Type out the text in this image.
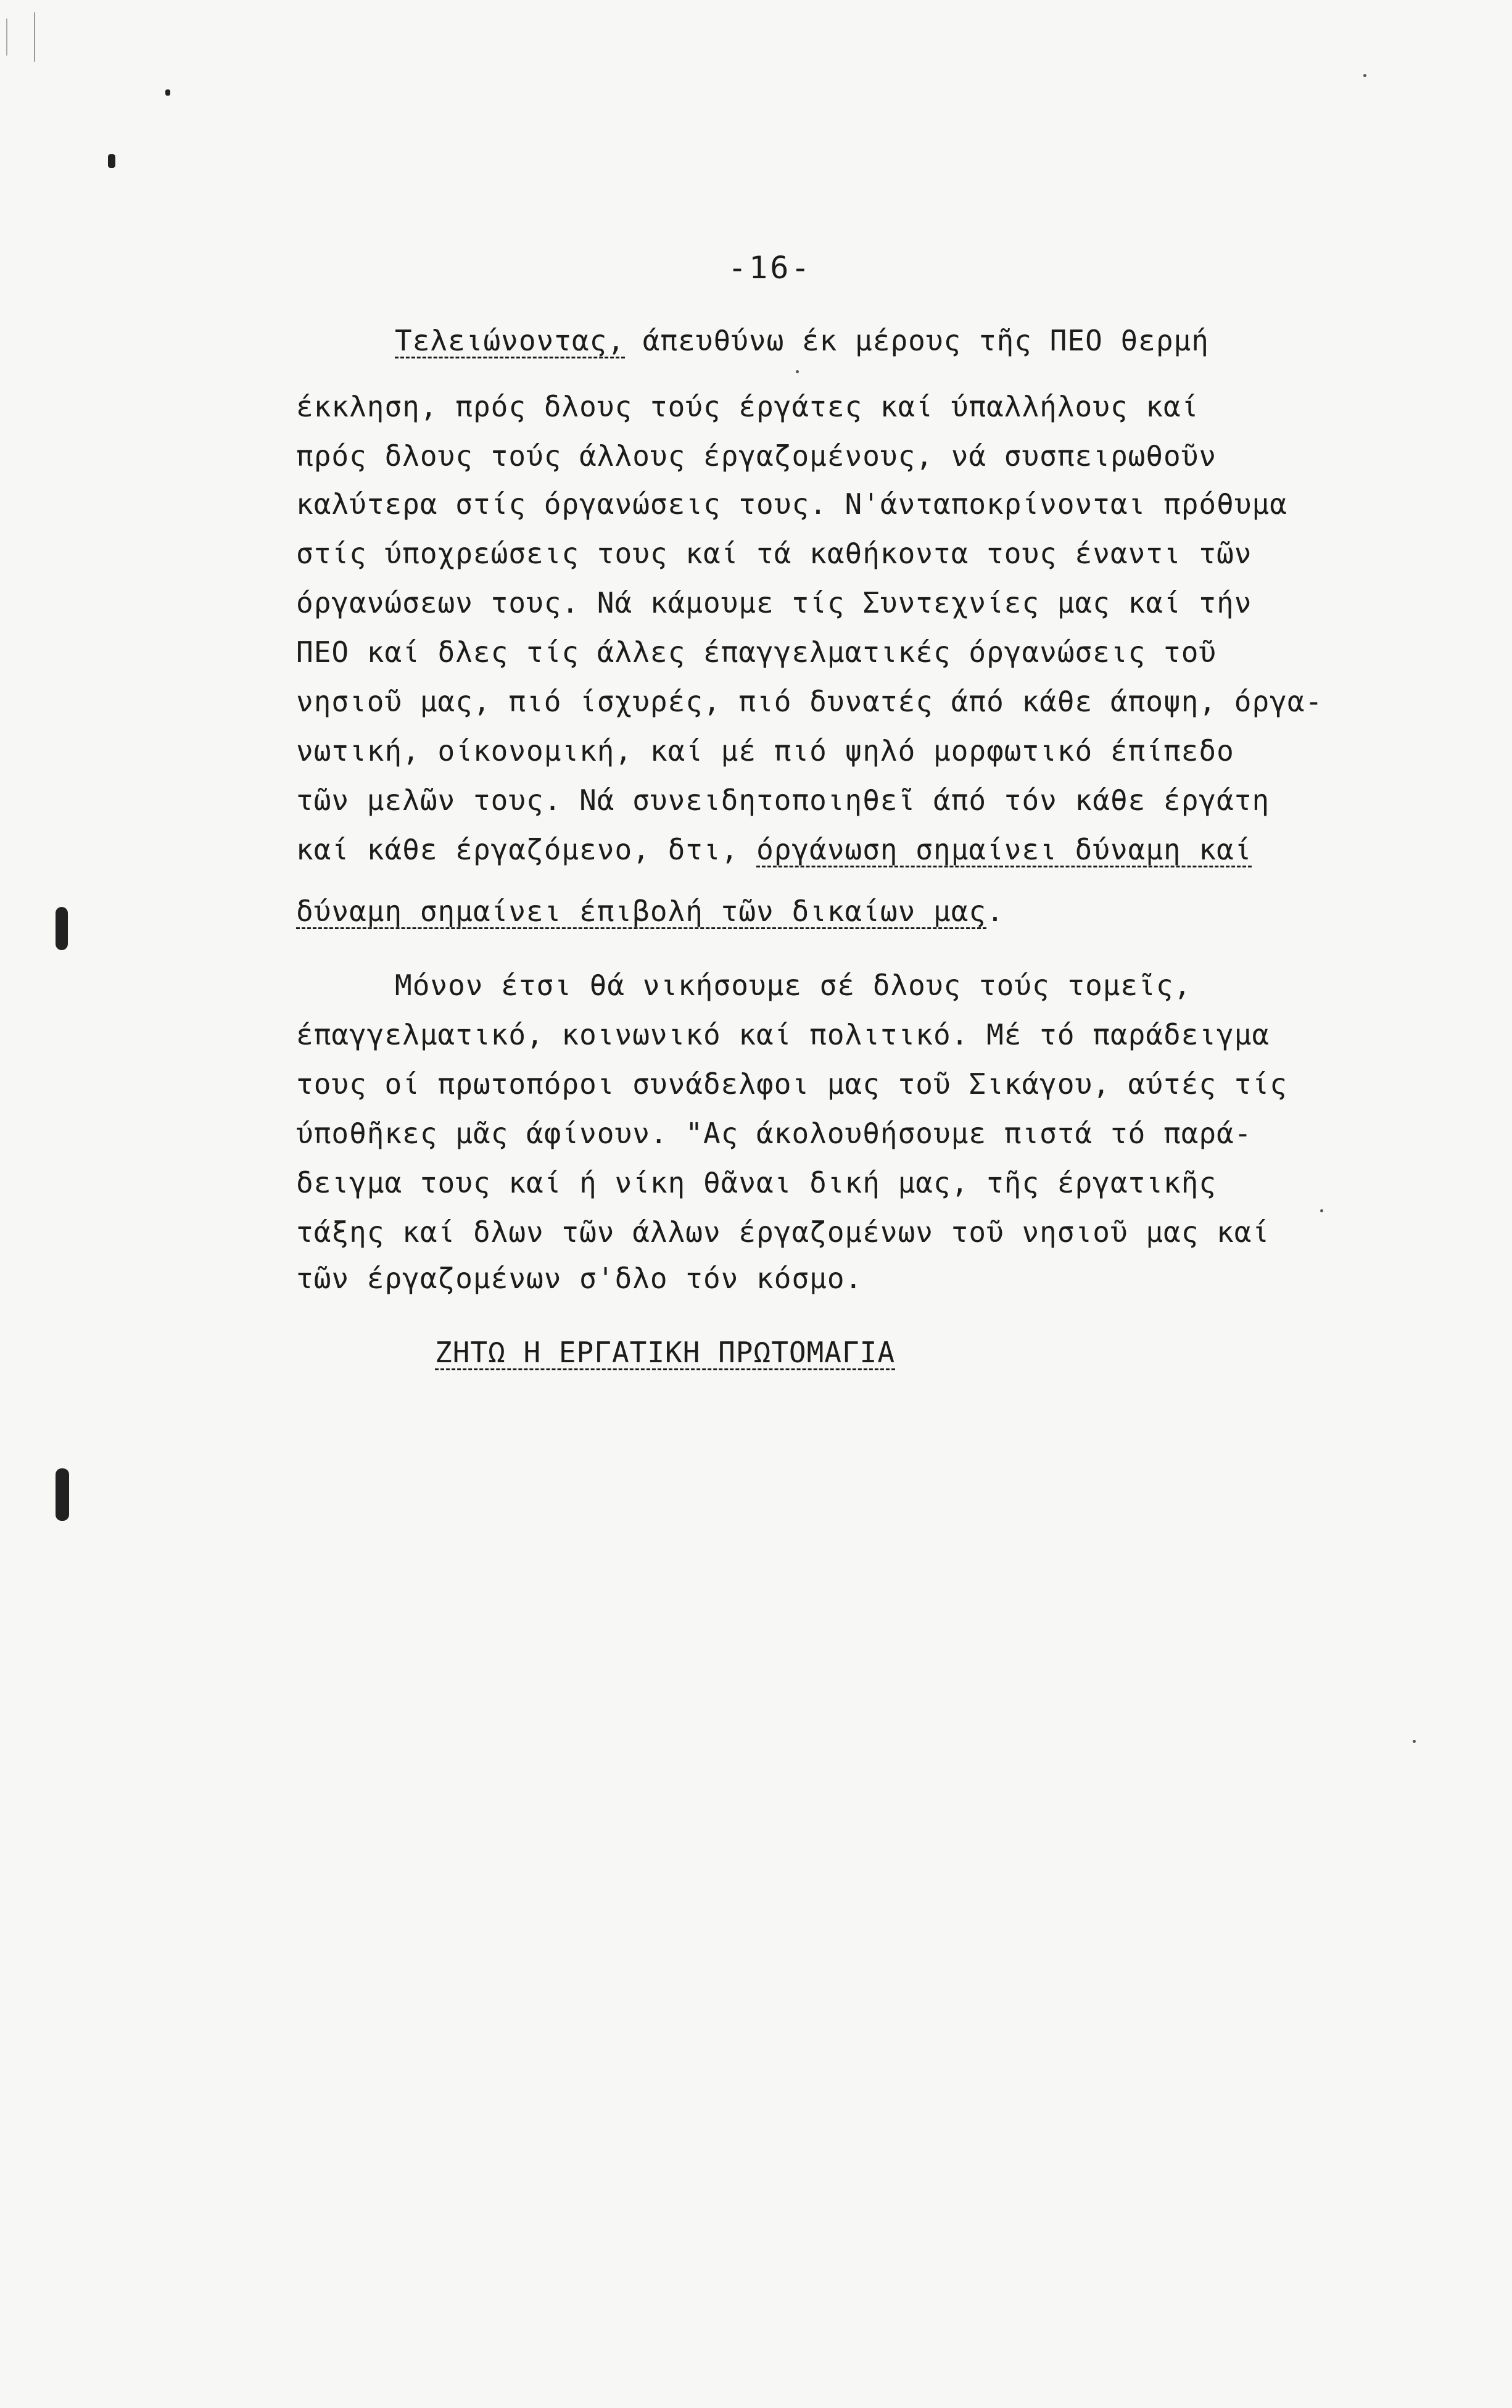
-16-
Τελειώνοντας, άπευθύνω έκ μέρους τῆς ΠΕΟ θερμή
έκκληση, πρός δλους τούς έργάτες καί ύπαλλήλους καί
πρός δλους τούς άλλους έργαζομένους, νά συσπειρωθοῦν
καλύτερα στίς όργανώσεις τους. Ν'άνταποκρίνονται πρόθυμα
στίς ύποχρεώσεις τους καί τά καθήκοντα τους έναντι τῶν
όργανώσεων τους. Νά κάμουμε τίς Συντεχνίες μας καί τήν
ΠΕΟ καί δλες τίς άλλες έπαγγελματικές όργανώσεις τοῦ
νησιοῦ μας, πιό ίσχυρές, πιό δυνατές άπό κάθε άποψη, όργα-
νωτική, οίκονομική, καί μέ πιό ψηλό μορφωτικό έπίπεδο
τῶν μελῶν τους. Νά συνειδητοποιηθεῖ άπό τόν κάθε έργάτη
καί κάθε έργαζόμενο, δτι, όργάνωση σημαίνει δύναμη καί
δύναμη σημαίνει έπιβολή τῶν δικαίων μας.
Μόνον έτσι θά νικήσουμε σέ δλους τούς τομεῖς,
έπαγγελματικό, κοινωνικό καί πολιτικό. Μέ τό παράδειγμα
τους οί πρωτοπόροι συνάδελφοι μας τοῦ Σικάγου, αύτές τίς
ύποθῆκες μᾶς άφίνουν. "Ας άκολουθήσουμε πιστά τό παρά-
δειγμα τους καί ή νίκη θᾶναι δική μας, τῆς έργατικῆς
τάξης καί δλων τῶν άλλων έργαζομένων τοῦ νησιοῦ μας καί
τῶν έργαζομένων σ'δλο τόν κόσμο.
ΖΗΤΩ Η ΕΡΓΑΤΙΚΗ ΠΡΩΤΟΜΑΓΙΑ
